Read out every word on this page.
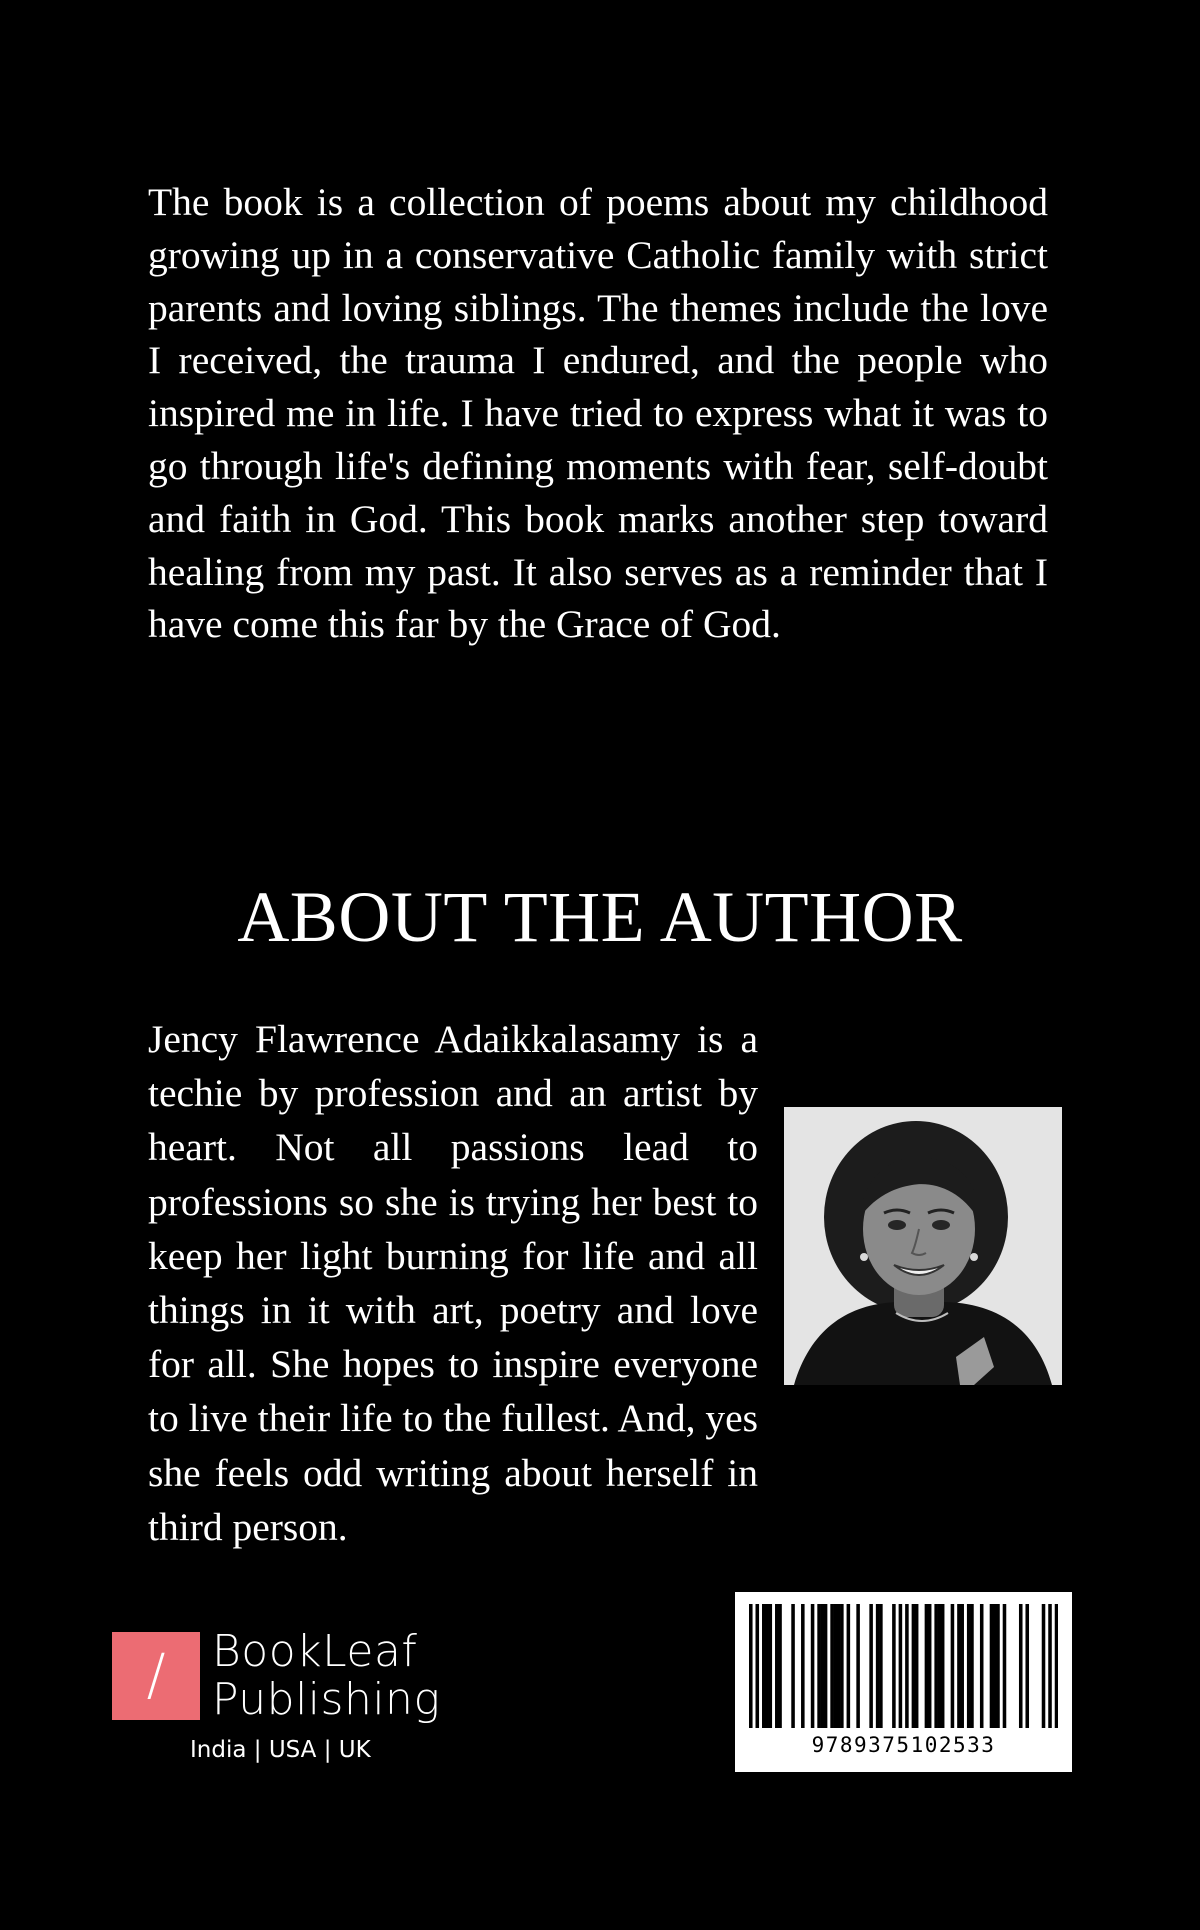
The book is a collection of poems about my childhood growing up in a conservative Catholic family with strict parents and loving siblings. The themes include the love I received, the trauma I endured, and the people who inspired me in life. I have tried to express what it was to go through life's defining moments with fear, self-doubt and faith in God. This book marks another step toward healing from my past. It also serves as a reminder that I have come this far by the Grace of God.

ABOUT THE AUTHOR

Jency Flawrence Adaikkalasamy is a techie by profession and an artist by heart. Not all passions lead to professions so she is trying her best to keep her light burning for life and all things in it with art, poetry and love for all. She hopes to inspire everyone to live their life to the fullest. And, yes she feels odd writing about herself in third person.

/ BookLeaf
Publishing
India | USA | UK	9789375102533
